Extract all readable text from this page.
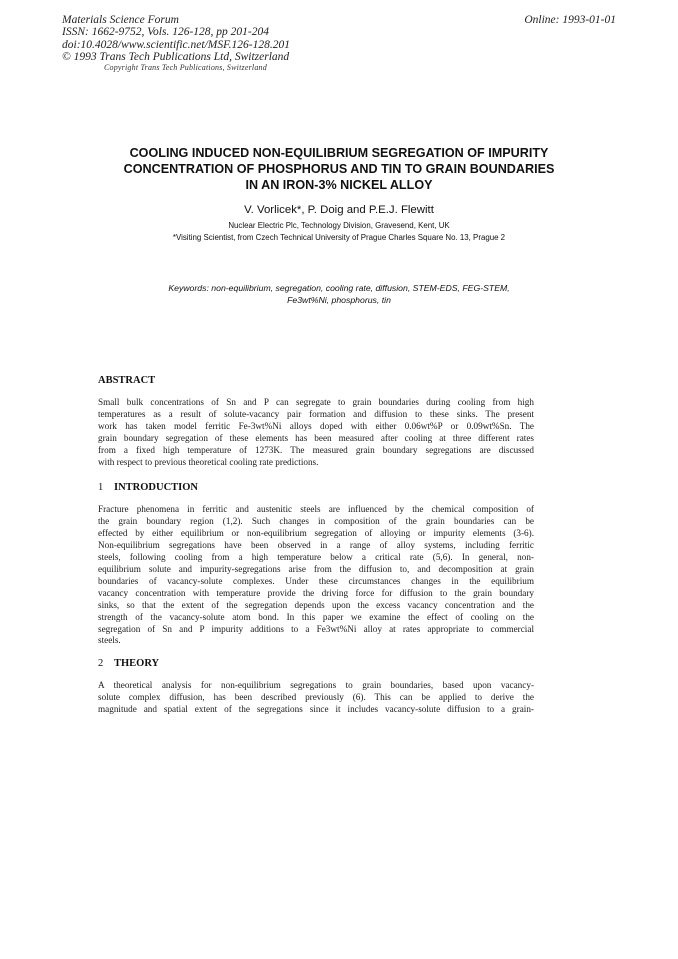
Materials Science Forum
ISSN: 1662-9752, Vols. 126-128, pp 201-204
doi:10.4028/www.scientific.net/MSF.126-128.201
© 1993 Trans Tech Publications Ltd, Switzerland
Online: 1993-01-01
Copyright Trans Tech Publications, Switzerland
COOLING INDUCED NON-EQUILIBRIUM SEGREGATION OF IMPURITY
CONCENTRATION OF PHOSPHORUS AND TIN TO GRAIN BOUNDARIES
IN AN IRON-3% NICKEL ALLOY
V. Vorlicek*, P. Doig and P.E.J. Flewitt
Nuclear Electric Plc, Technology Division, Gravesend, Kent, UK
*Visiting Scientist, from Czech Technical University of Prague Charles Square No. 13, Prague 2
Keywords: non-equilibrium, segregation, cooling rate, diffusion, STEM-EDS, FEG-STEM,
Fe3wt%Ni, phosphorus, tin
ABSTRACT
Small bulk concentrations of Sn and P can segregate to grain boundaries during cooling from high
temperatures as a result of solute-vacancy pair formation and diffusion to these sinks. The present
work has taken model ferritic Fe-3wt%Ni alloys doped with either 0.06wt%P or 0.09wt%Sn. The
grain boundary segregation of these elements has been measured after cooling at three different rates
from a fixed high temperature of 1273K. The measured grain boundary segregations are discussed
with respect to previous theoretical cooling rate predictions.
1 INTRODUCTION
Fracture phenomena in ferritic and austenitic steels are influenced by the chemical composition of
the grain boundary region (1,2). Such changes in composition of the grain boundaries can be
effected by either equilibrium or non-equilibrium segregation of alloying or impurity elements (3-6).
Non-equilibrium segregations have been observed in a range of alloy systems, including ferritic
steels, following cooling from a high temperature below a critical rate (5,6). In general, non-
equilibrium solute and impurity-segregations arise from the diffusion to, and decomposition at grain
boundaries of vacancy-solute complexes. Under these circumstances changes in the equilibrium
vacancy concentration with temperature provide the driving force for diffusion to the grain boundary
sinks, so that the extent of the segregation depends upon the excess vacancy concentration and the
strength of the vacancy-solute atom bond. In this paper we examine the effect of cooling on the
segregation of Sn and P impurity additions to a Fe3wt%Ni alloy at rates appropriate to commercial
steels.
2 THEORY
A theoretical analysis for non-equilibrium segregations to grain boundaries, based upon vacancy-
solute complex diffusion, has been described previously (6). This can be applied to derive the
magnitude and spatial extent of the segregations since it includes vacancy-solute diffusion to a grain-
